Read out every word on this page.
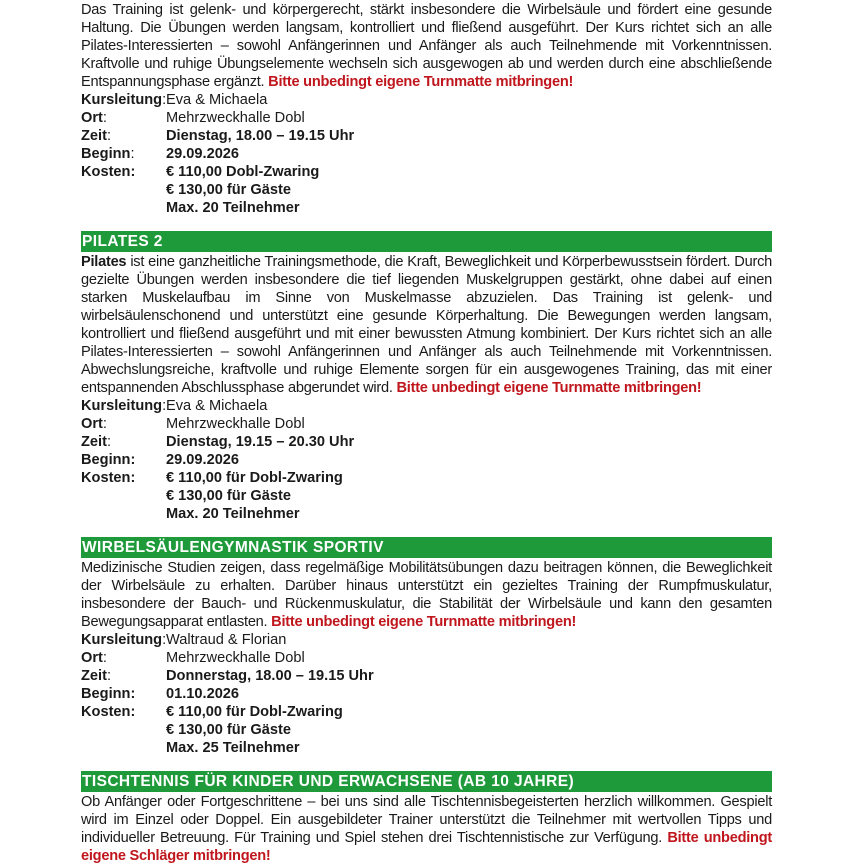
Das Training ist gelenk- und körpergerecht, stärkt insbesondere die Wirbelsäule und fördert eine gesunde Haltung. Die Übungen werden langsam, kontrolliert und fließend ausgeführt. Der Kurs richtet sich an alle Pilates-Interessierten – sowohl Anfängerinnen und Anfänger als auch Teilnehmende mit Vorkenntnissen. Kraftvolle und ruhige Übungselemente wechseln sich ausgewogen ab und werden durch eine abschließende Entspannungsphase ergänzt. Bitte unbedingt eigene Turnmatte mitbringen!

Kursleitung: Eva & Michaela
Ort:	Mehrzweckhalle Dobl
Zeit:	Dienstag, 18.00 – 19.15 Uhr
Beginn:	29.09.2026
Kosten:	€ 110,00 Dobl-Zwaring
€ 130,00 für Gäste
Max. 20 Teilnehmer
PILATES 2

Pilates ist eine ganzheitliche Trainingsmethode, die Kraft, Beweglichkeit und Körperbewusstsein fördert. Durch gezielte Übungen werden insbesondere die tief liegenden Muskelgruppen gestärkt, ohne dabei auf einen starken Muskelaufbau im Sinne von Muskelmasse abzuzielen. Das Training ist gelenk- und wirbelsäulenschonend und unterstützt eine gesunde Körperhaltung. Die Bewegungen werden langsam, kontrolliert und fließend ausgeführt und mit einer bewussten Atmung kombiniert. Der Kurs richtet sich an alle Pilates-Interessierten – sowohl Anfängerinnen und Anfänger als auch Teilnehmende mit Vorkenntnissen. Abwechslungsreiche, kraftvolle und ruhige Elemente sorgen für ein ausgewogenes Training, das mit einer entspannenden Abschlussphase abgerundet wird. Bitte unbedingt eigene Turnmatte mitbringen!

Kursleitung: Eva & Michaela
Ort:	Mehrzweckhalle Dobl
Zeit:	Dienstag, 19.15 – 20.30 Uhr
Beginn:	29.09.2026
Kosten:	€ 110,00 für Dobl-Zwaring
€ 130,00 für Gäste
Max. 20 Teilnehmer
WIRBELSÄULENGYMNASTIK SPORTIV

Medizinische Studien zeigen, dass regelmäßige Mobilitätsübungen dazu beitragen können, die Beweglichkeit der Wirbelsäule zu erhalten. Darüber hinaus unterstützt ein gezieltes Training der Rumpfmuskulatur, insbesondere der Bauch- und Rückenmuskulatur, die Stabilität der Wirbelsäule und kann den gesamten Bewegungsapparat entlasten. Bitte unbedingt eigene Turnmatte mitbringen!

Kursleitung: Waltraud & Florian
Ort:	Mehrzweckhalle Dobl
Zeit:	Donnerstag, 18.00 – 19.15 Uhr
Beginn:	01.10.2026
Kosten:	€ 110,00 für Dobl-Zwaring
€ 130,00 für Gäste
Max. 25 Teilnehmer
TISCHTENNIS FÜR KINDER UND ERWACHSENE (AB 10 JAHRE)

Ob Anfänger oder Fortgeschrittene – bei uns sind alle Tischtennisbegeisterten herzlich willkommen. Gespielt wird im Einzel oder Doppel. Ein ausgebildeter Trainer unterstützt die Teilnehmer mit wertvollen Tipps und individueller Betreuung. Für Training und Spiel stehen drei Tischtennistische zur Verfügung. Bitte unbedingt eigene Schläger mitbringen!
